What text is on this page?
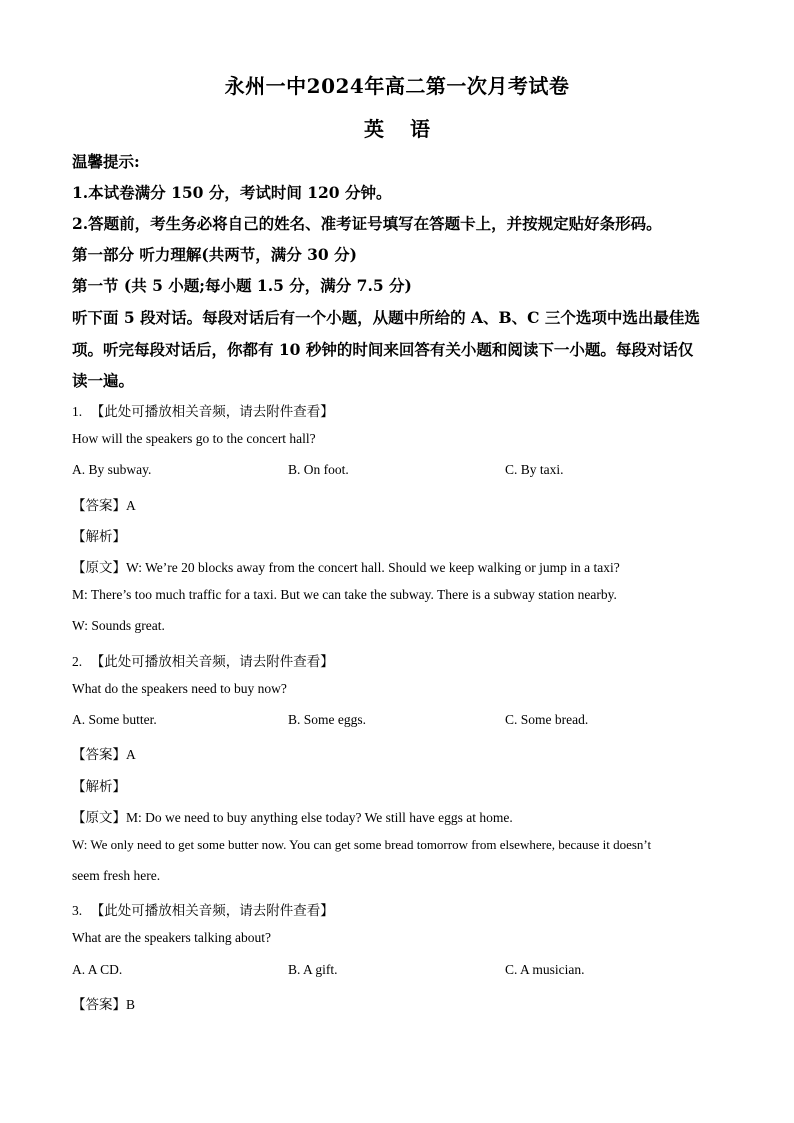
永州一中2024年高二第一次月考试卷
英 语
温馨提示:
1.本试卷满分 150 分，考试时间 120 分钟。
2.答题前，考生务必将自己的姓名、准考证号填写在答题卡上，并按规定贴好条形码。
第一部分 听力理解(共两节，满分 30 分)
第一节 (共 5 小题;每小题 1.5 分，满分 7.5 分)
听下面 5 段对话。每段对话后有一个小题，从题中所给的 A、B、C 三个选项中选出最佳选
项。听完每段对话后，你都有 10 秒钟的时间来回答有关小题和阅读下一小题。每段对话仅
读一遍。
1. 【此处可播放相关音频，请去附件查看】
How will the speakers go to the concert hall?
A. By subway.	B. On foot.	C. By taxi.
【答案】A
【解析】
【原文】W: We’re 20 blocks away from the concert hall. Should we keep walking or jump in a taxi?
M: There’s too much traffic for a taxi. But we can take the subway. There is a subway station nearby.
W: Sounds great.
2. 【此处可播放相关音频，请去附件查看】
What do the speakers need to buy now?
A. Some butter.	B. Some eggs.	C. Some bread.
【答案】A
【解析】
【原文】M: Do we need to buy anything else today? We still have eggs at home.
W: We only need to get some butter now. You can get some bread tomorrow from elsewhere, because it doesn’t
seem fresh here.
3. 【此处可播放相关音频，请去附件查看】
What are the speakers talking about?
A. A CD.	B. A gift.	C. A musician.
【答案】B
